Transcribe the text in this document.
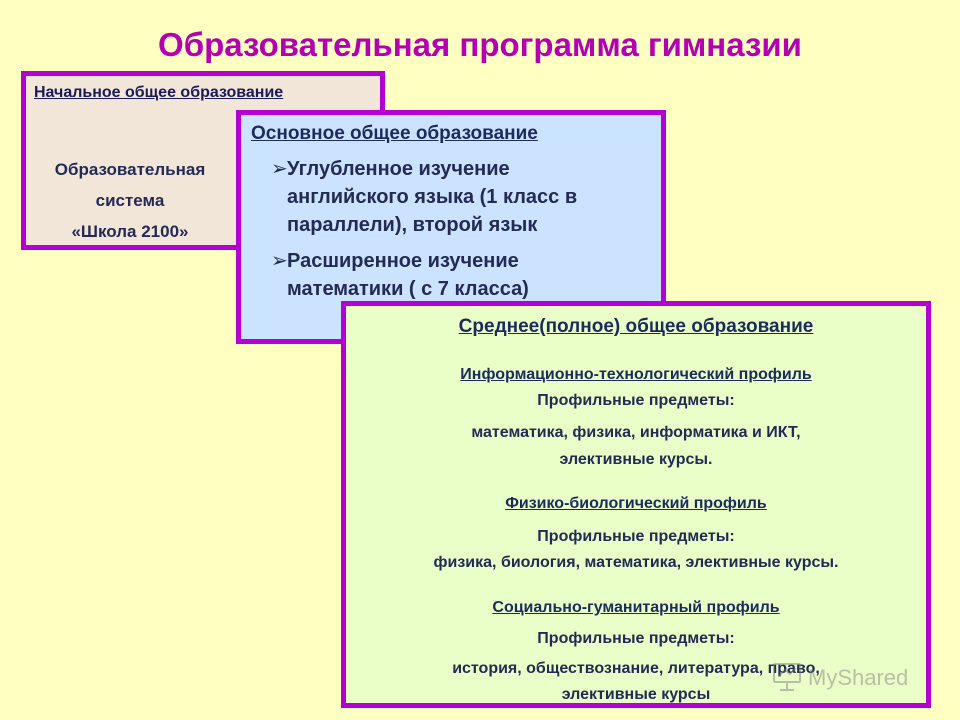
Образовательная программа гимназии
Начальное общее образование
Образовательная
система
«Школа 2100»
Основное общее образование
➢ Углубленное изучение
английского языка (1 класс в
параллели), второй язык
➢ Расширенное изучение
математики ( с 7 класса)
Среднее(полное) общее образование
Информационно-технологический профиль
Профильные предметы:
математика, физика, информатика и ИКТ,
элективные курсы.
Физико-биологический профиль
Профильные предметы:
физика, биология, математика, элективные курсы.
Социально-гуманитарный профиль
Профильные предметы:
история, обществознание, литература, право,
элективные курсы
MyShared
